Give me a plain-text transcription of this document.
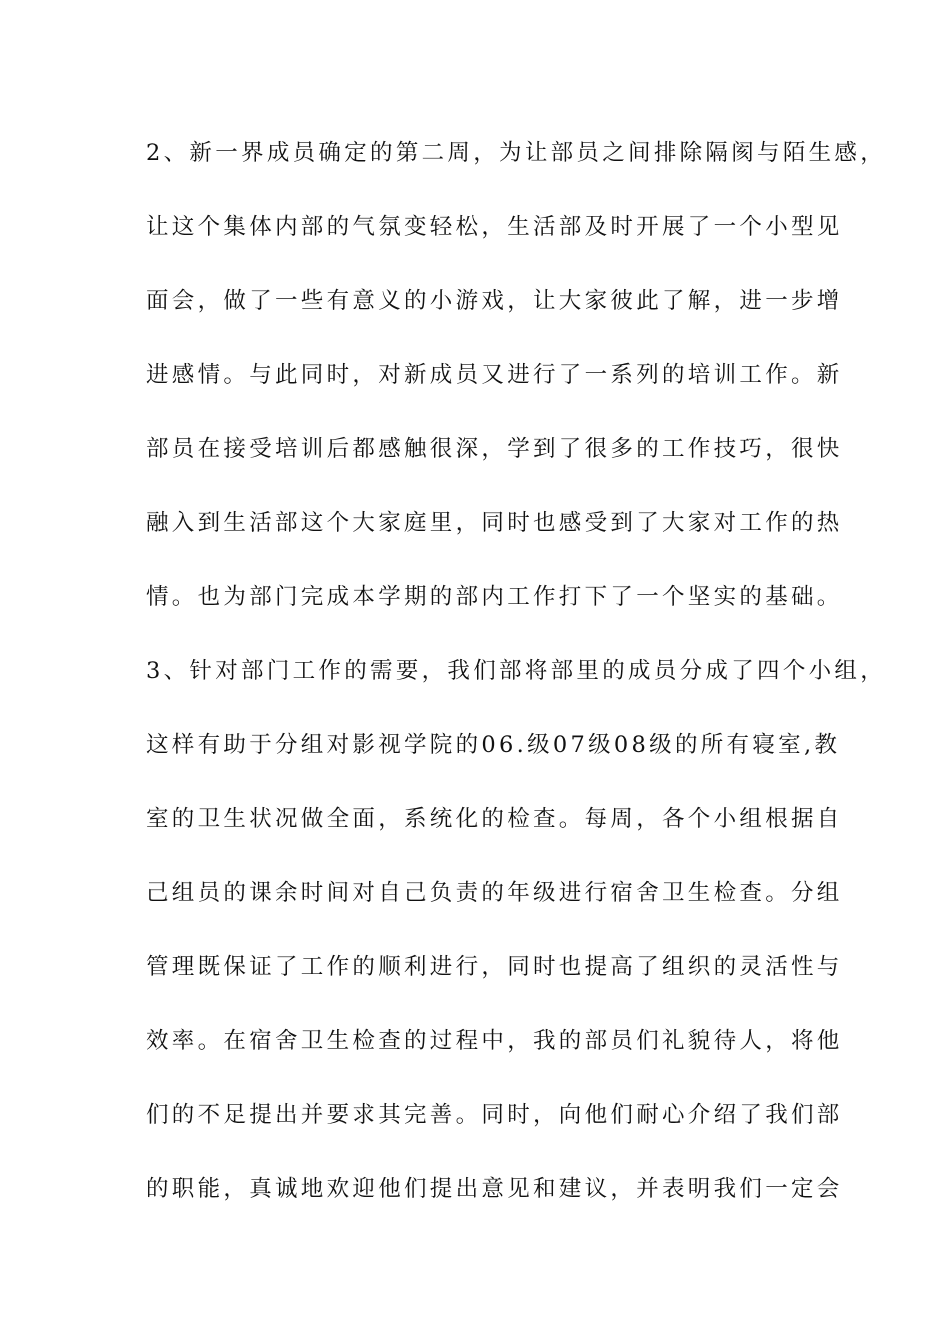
2、新一界成员确定的第二周，为让部员之间排除隔阂与陌生感，
让这个集体内部的气氛变轻松，生活部及时开展了一个小型见
面会，做了一些有意义的小游戏，让大家彼此了解，进一步增
进感情。与此同时，对新成员又进行了一系列的培训工作。新
部员在接受培训后都感触很深，学到了很多的工作技巧，很快
融入到生活部这个大家庭里，同时也感受到了大家对工作的热
情。也为部门完成本学期的部内工作打下了一个坚实的基础。
3、针对部门工作的需要，我们部将部里的成员分成了四个小组，
这样有助于分组对影视学院的06.级07级08级的所有寝室,教
室的卫生状况做全面，系统化的检查。每周，各个小组根据自
己组员的课余时间对自己负责的年级进行宿舍卫生检查。分组
管理既保证了工作的顺利进行，同时也提高了组织的灵活性与
效率。在宿舍卫生检查的过程中，我的部员们礼貌待人，将他
们的不足提出并要求其完善。同时，向他们耐心介绍了我们部
的职能，真诚地欢迎他们提出意见和建议，并表明我们一定会
